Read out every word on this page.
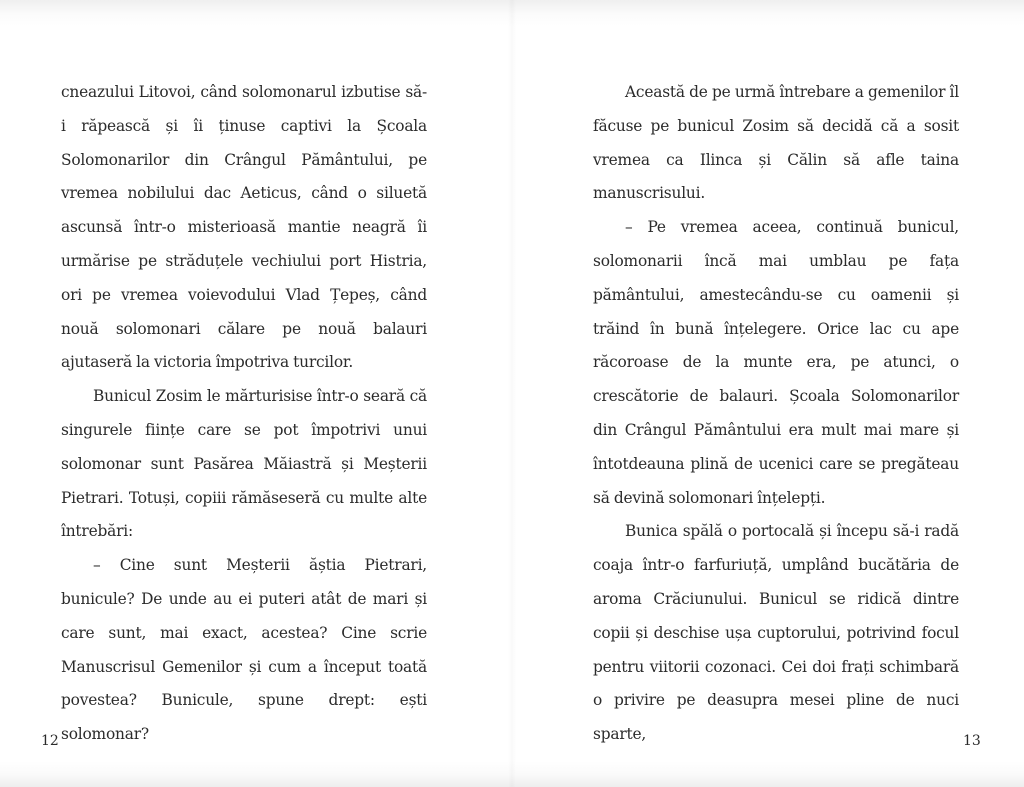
cneazului Litovoi, când solomonarul izbutise să-i răpească și îi ținuse captivi la Școala Solomonarilor din Crângul Pământului, pe vremea nobilului dac Aeticus, când o siluetă ascunsă într-o misterioasă mantie neagră îi urmărise pe străduțele vechiului port Histria, ori pe vremea voievodului Vlad Țepeș, când nouă solomonari călare pe nouă balauri ajutaseră la victoria împotriva turcilor.

Bunicul Zosim le mărturisise într-o seară că singurele ființe care se pot împotrivi unui solomonar sunt Pasărea Măiastră și Meșterii Pietrari. Totuși, copiii rămăseseră cu multe alte întrebări:

– Cine sunt Meșterii ăștia Pietrari, bunicule? De unde au ei puteri atât de mari și care sunt, mai exact, acestea? Cine scrie Manuscrisul Gemenilor și cum a început toată povestea? Bunicule, spune drept: ești solomonar?

Această de pe urmă întrebare a gemenilor îl făcuse pe bunicul Zosim să decidă că a sosit vremea ca Ilinca și Călin să afle taina manuscrisului.

– Pe vremea aceea, continuă bunicul, solomonarii încă mai umblau pe fața pământului, amestecându-se cu oamenii și trăind în bună înțelegere. Orice lac cu ape răcoroase de la munte era, pe atunci, o crescătorie de balauri. Școala Solomonarilor din Crângul Pământului era mult mai mare și întotdeauna plină de ucenici care se pregăteau să devină solomonari înțelepți.

Bunica spălă o portocală și începu să-i radă coaja într-o farfuriuță, umplând bucătăria de aroma Crăciunului. Bunicul se ridică dintre copii și deschise ușa cuptorului, potrivind focul pentru viitorii cozonaci. Cei doi frați schimbară o privire pe deasupra mesei pline de nuci sparte,

12	13
